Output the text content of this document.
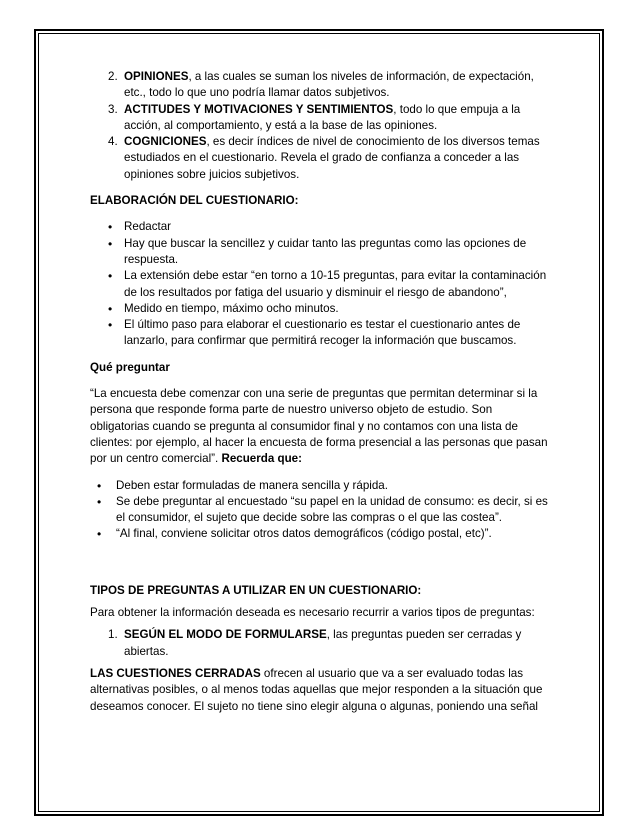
2. OPINIONES, a las cuales se suman los niveles de información, de expectación, etc., todo lo que uno podría llamar datos subjetivos.
3. ACTITUDES Y MOTIVACIONES Y SENTIMIENTOS, todo lo que empuja a la acción, al comportamiento, y está a la base de las opiniones.
4. COGNICIONES, es decir índices de nivel de conocimiento de los diversos temas estudiados en el cuestionario. Revela el grado de confianza a conceder a las opiniones sobre juicios subjetivos.

ELABORACIÓN DEL CUESTIONARIO:

• Redactar
• Hay que buscar la sencillez y cuidar tanto las preguntas como las opciones de respuesta.
• La extensión debe estar “en torno a 10-15 preguntas, para evitar la contaminación de los resultados por fatiga del usuario y disminuir el riesgo de abandono”,
• Medido en tiempo, máximo ocho minutos.
• El último paso para elaborar el cuestionario es testar el cuestionario antes de lanzarlo, para confirmar que permitirá recoger la información que buscamos.

Qué preguntar

“La encuesta debe comenzar con una serie de preguntas que permitan determinar si la persona que responde forma parte de nuestro universo objeto de estudio. Son obligatorias cuando se pregunta al consumidor final y no contamos con una lista de clientes: por ejemplo, al hacer la encuesta de forma presencial a las personas que pasan por un centro comercial”. Recuerda que:

• Deben estar formuladas de manera sencilla y rápida.
• Se debe preguntar al encuestado “su papel en la unidad de consumo: es decir, si es el consumidor, el sujeto que decide sobre las compras o el que las costea”.
• “Al final, conviene solicitar otros datos demográficos (código postal, etc)”.

TIPOS DE PREGUNTAS A UTILIZAR EN UN CUESTIONARIO:

Para obtener la información deseada es necesario recurrir a varios tipos de preguntas:

1. SEGÚN EL MODO DE FORMULARSE, las preguntas pueden ser cerradas y abiertas.

LAS CUESTIONES CERRADAS ofrecen al usuario que va a ser evaluado todas las alternativas posibles, o al menos todas aquellas que mejor responden a la situación que deseamos conocer. El sujeto no tiene sino elegir alguna o algunas, poniendo una señal
